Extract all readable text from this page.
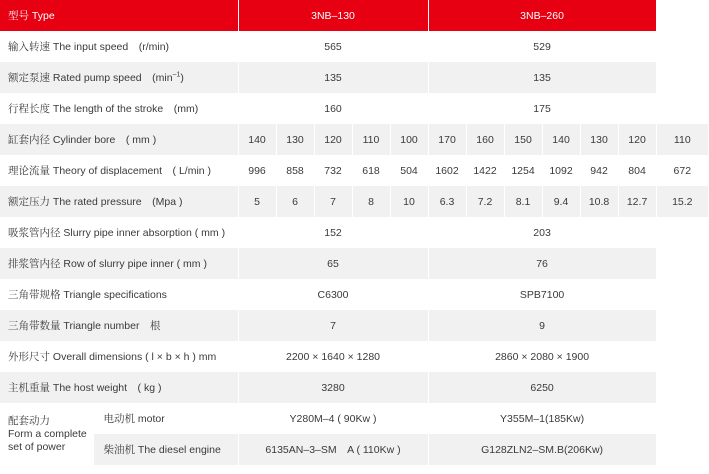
型号 Type		3NB–130					3NB–260						
输入转速 The input speed　(r/min)		565					529						
额定泵速 Rated pump speed　$(\min^{-1})$		135					135						
行程长度 The length of the stroke　(mm)		160					175						
缸套内径 Cylinder bore　( mm )		140	130	120	110	100	170	160	150	140	130	120	110
理论流量 Theory of displacement　( L/min )		996	858	732	618	504	1602	1422	1254	1092	942	804	672
额定压力 The rated pressure　(Mpa )		5	6	7	8	10	6.3	7.2	8.1	9.4	10.8	12.7	15.2
吸浆管内径 Slurry pipe inner absorption ( mm )		152					203						
排浆管内径 Row of slurry pipe inner ( mm )		65					76						
三角带规格 Triangle specifications		C6300					SPB7100						
三角带数量 Triangle number　根		7					9						
外形尺寸 Overall dimensions ( l × b × h ) mm		2200 × 1640 × 1280					2860 × 2080 × 1900						
主机重量 The host weight　( kg )		3280					6250						

配套动力
Form a complete set of power	电动机 motor	Y280M–4 ( 90Kw )					Y355M–1(185Kw)						
	柴油机 The diesel engine	6135AN–3–SM　A ( 110Kw )					G128ZLN2–SM.B(206Kw)						
